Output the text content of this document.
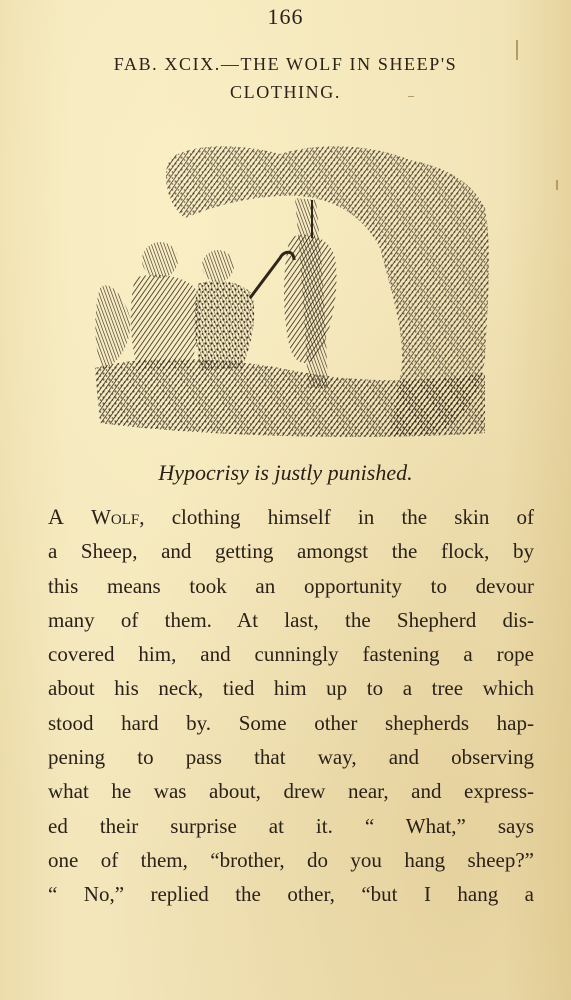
166
FAB. XCIX.—THE WOLF IN SHEEP'S
CLOTHING.
Hypocrisy is justly punished.
A Wolf, clothing himself in the skin of
a Sheep, and getting amongst the flock, by
this means took an opportunity to devour
many of them. At last, the Shepherd dis-
covered him, and cunningly fastening a rope
about his neck, tied him up to a tree which
stood hard by. Some other shepherds hap-
pening to pass that way, and observing
what he was about, drew near, and express-
ed their surprise at it. “ What,” says
one of them, “brother, do you hang sheep?”
“ No,” replied the other, “but I hang a
